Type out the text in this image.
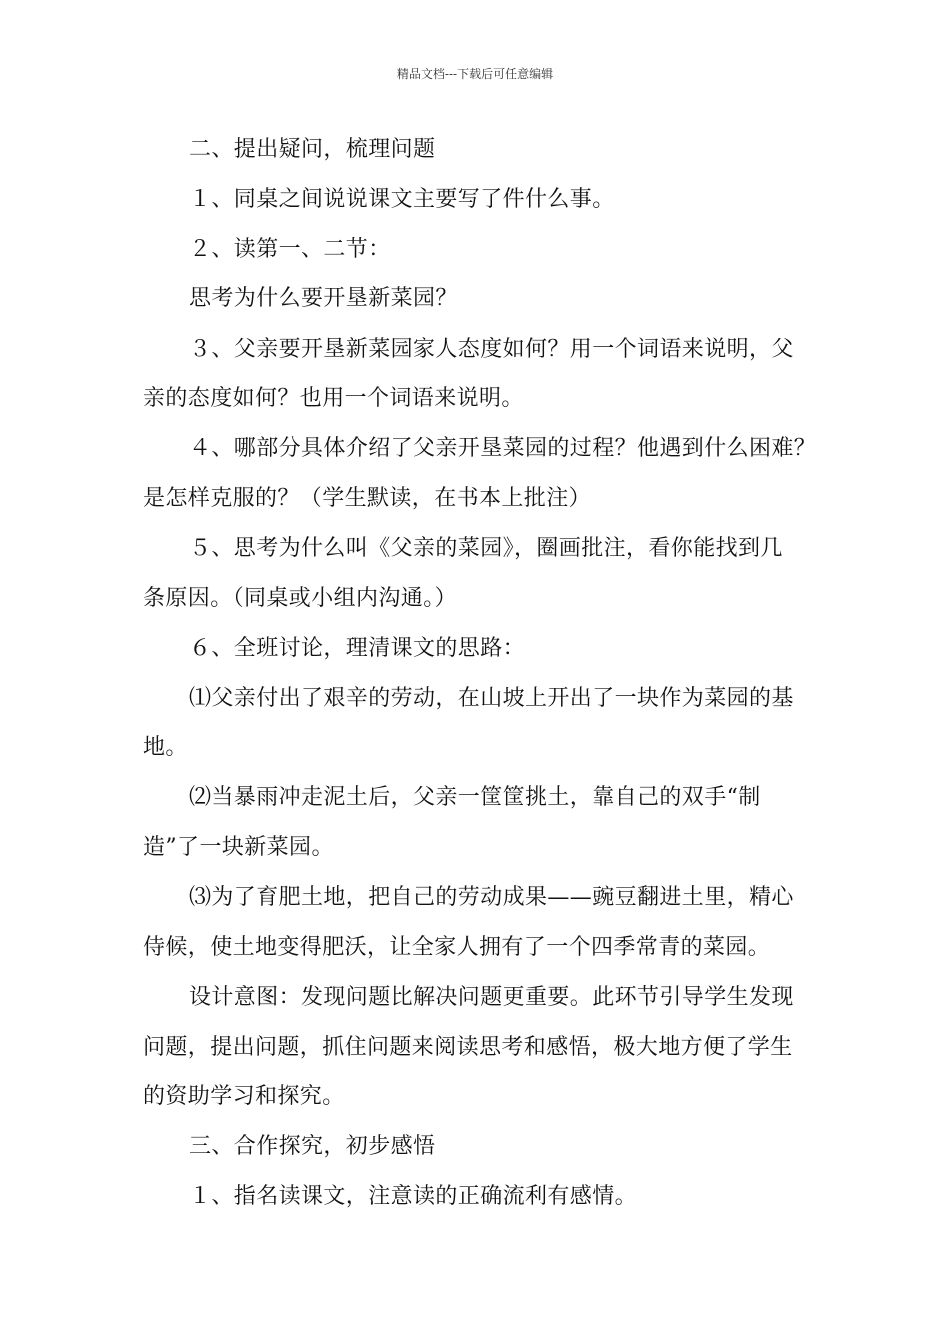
精品文档---下载后可任意编辑
二、提出疑问，梳理问题
１、同桌之间说说课文主要写了件什么事。
２、读第一、二节：
思考为什么要开垦新菜园？
３、父亲要开垦新菜园家人态度如何？用一个词语来说明，父
亲的态度如何？也用一个词语来说明。
４、哪部分具体介绍了父亲开垦菜园的过程？他遇到什么困难？
是怎样克服的？（学生默读，在书本上批注）
５、思考为什么叫《父亲的菜园》，圈画批注，看你能找到几
条原因。（同桌或小组内沟通。）
６、全班讨论，理清课文的思路：
⑴父亲付出了艰辛的劳动，在山坡上开出了一块作为菜园的基
地。
⑵当暴雨冲走泥土后，父亲一筐筐挑土，靠自己的双手“制
造”了一块新菜园。
⑶为了育肥土地，把自己的劳动成果——豌豆翻进土里，精心
侍候，使土地变得肥沃，让全家人拥有了一个四季常青的菜园。
设计意图：发现问题比解决问题更重要。此环节引导学生发现
问题，提出问题，抓住问题来阅读思考和感悟，极大地方便了学生
的资助学习和探究。
三、合作探究，初步感悟
１、指名读课文，注意读的正确流利有感情。
